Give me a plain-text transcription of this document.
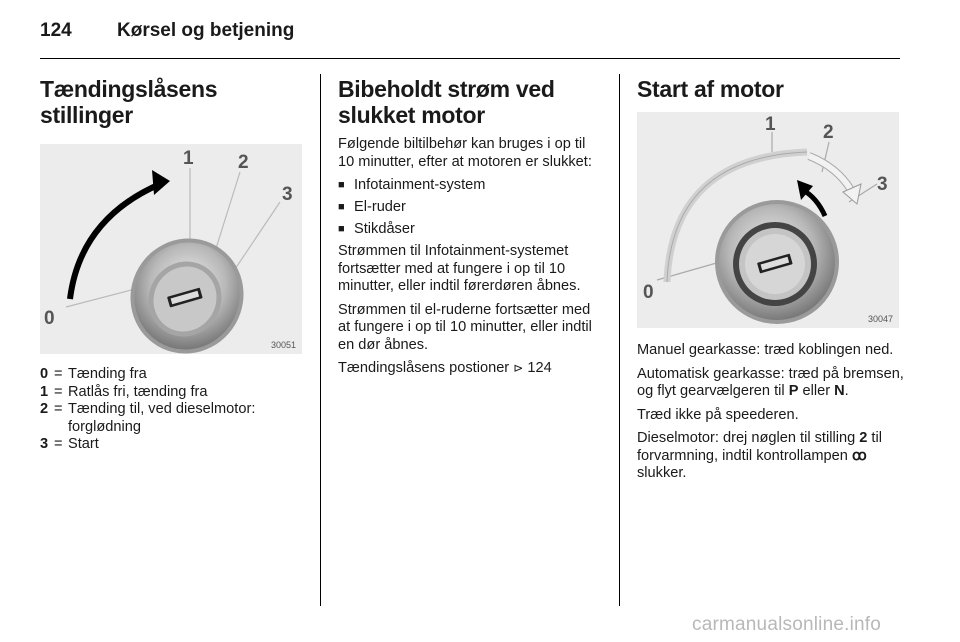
124 Kørsel og betjening
Tændingslåsens stillinger
1 2
3
0
30051
0 = Tænding fra
1 = Ratlås fri, tænding fra
2 = Tænding til, ved dieselmotor: forglødning
3 = Start
Bibeholdt strøm ved slukket motor

Følgende biltilbehør kan bruges i op til 10 minutter, efter at motoren er slukket:

■ Infotainment-system
■ El-ruder
■ Stikdåser

Strømmen til Infotainment-systemet fortsætter med at fungere i op til 10 minutter, eller indtil førerdøren åbnes.

Strømmen til el-ruderne fortsætter med at fungere i op til 10 minutter, eller indtil en dør åbnes.

Tændingslåsens postioner ⊳ 124

Start af motor
1 2
3
0
30047

Manuel gearkasse: træd koblingen ned.

Automatisk gearkasse: træd på bremsen, og flyt gearvælgeren til P eller N.

Træd ikke på speederen.

Dieselmotor: drej nøglen til stilling 2 til forvarmning, indtil kontrollampen ꝏ slukker.

carmanualsonline.info
